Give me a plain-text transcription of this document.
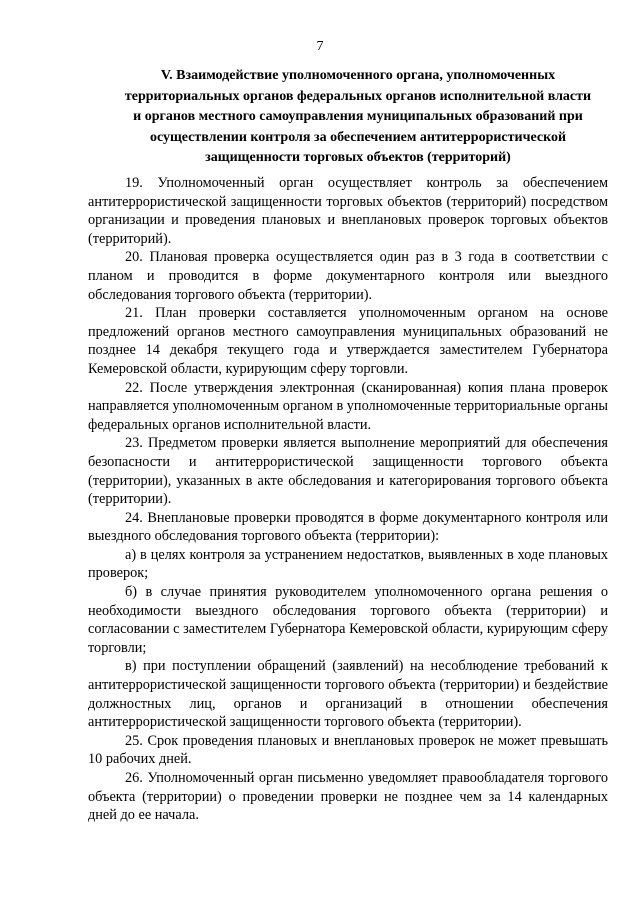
7
V. Взаимодействие уполномоченного органа, уполномоченных
территориальных органов федеральных органов исполнительной власти
и органов местного самоуправления муниципальных образований при
осуществлении контроля за обеспечением антитеррористической
защищенности торговых объектов (территорий)

19. Уполномоченный орган осуществляет контроль за обеспечением антитеррористической защищенности торговых объектов (территорий) посредством организации и проведения плановых и внеплановых проверок торговых объектов (территорий).

20. Плановая проверка осуществляется один раз в 3 года в соответствии с планом и проводится в форме документарного контроля или выездного обследования торгового объекта (территории).

21. План проверки составляется уполномоченным органом на основе предложений органов местного самоуправления муниципальных образований не позднее 14 декабря текущего года и утверждается заместителем Губернатора Кемеровской области, курирующим сферу торговли.

22. После утверждения электронная (сканированная) копия плана проверок направляется уполномоченным органом в уполномоченные территориальные органы федеральных органов исполнительной власти.

23. Предметом проверки является выполнение мероприятий для обеспечения безопасности и антитеррористической защищенности торгового объекта (территории), указанных в акте обследования и категорирования торгового объекта (территории).

24. Внеплановые проверки проводятся в форме документарного контроля или выездного обследования торгового объекта (территории):

а) в целях контроля за устранением недостатков, выявленных в ходе плановых проверок;

б) в случае принятия руководителем уполномоченного органа решения о необходимости выездного обследования торгового объекта (территории) и согласовании с заместителем Губернатора Кемеровской области, курирующим сферу торговли;

в) при поступлении обращений (заявлений) на несоблюдение требований к антитеррористической защищенности торгового объекта (территории) и бездействие должностных лиц, органов и организаций в отношении обеспечения антитеррористической защищенности торгового объекта (территории).

25. Срок проведения плановых и внеплановых проверок не может превышать 10 рабочих дней.

26. Уполномоченный орган письменно уведомляет правообладателя торгового объекта (территории) о проведении проверки не позднее чем за 14 календарных дней до ее начала.
